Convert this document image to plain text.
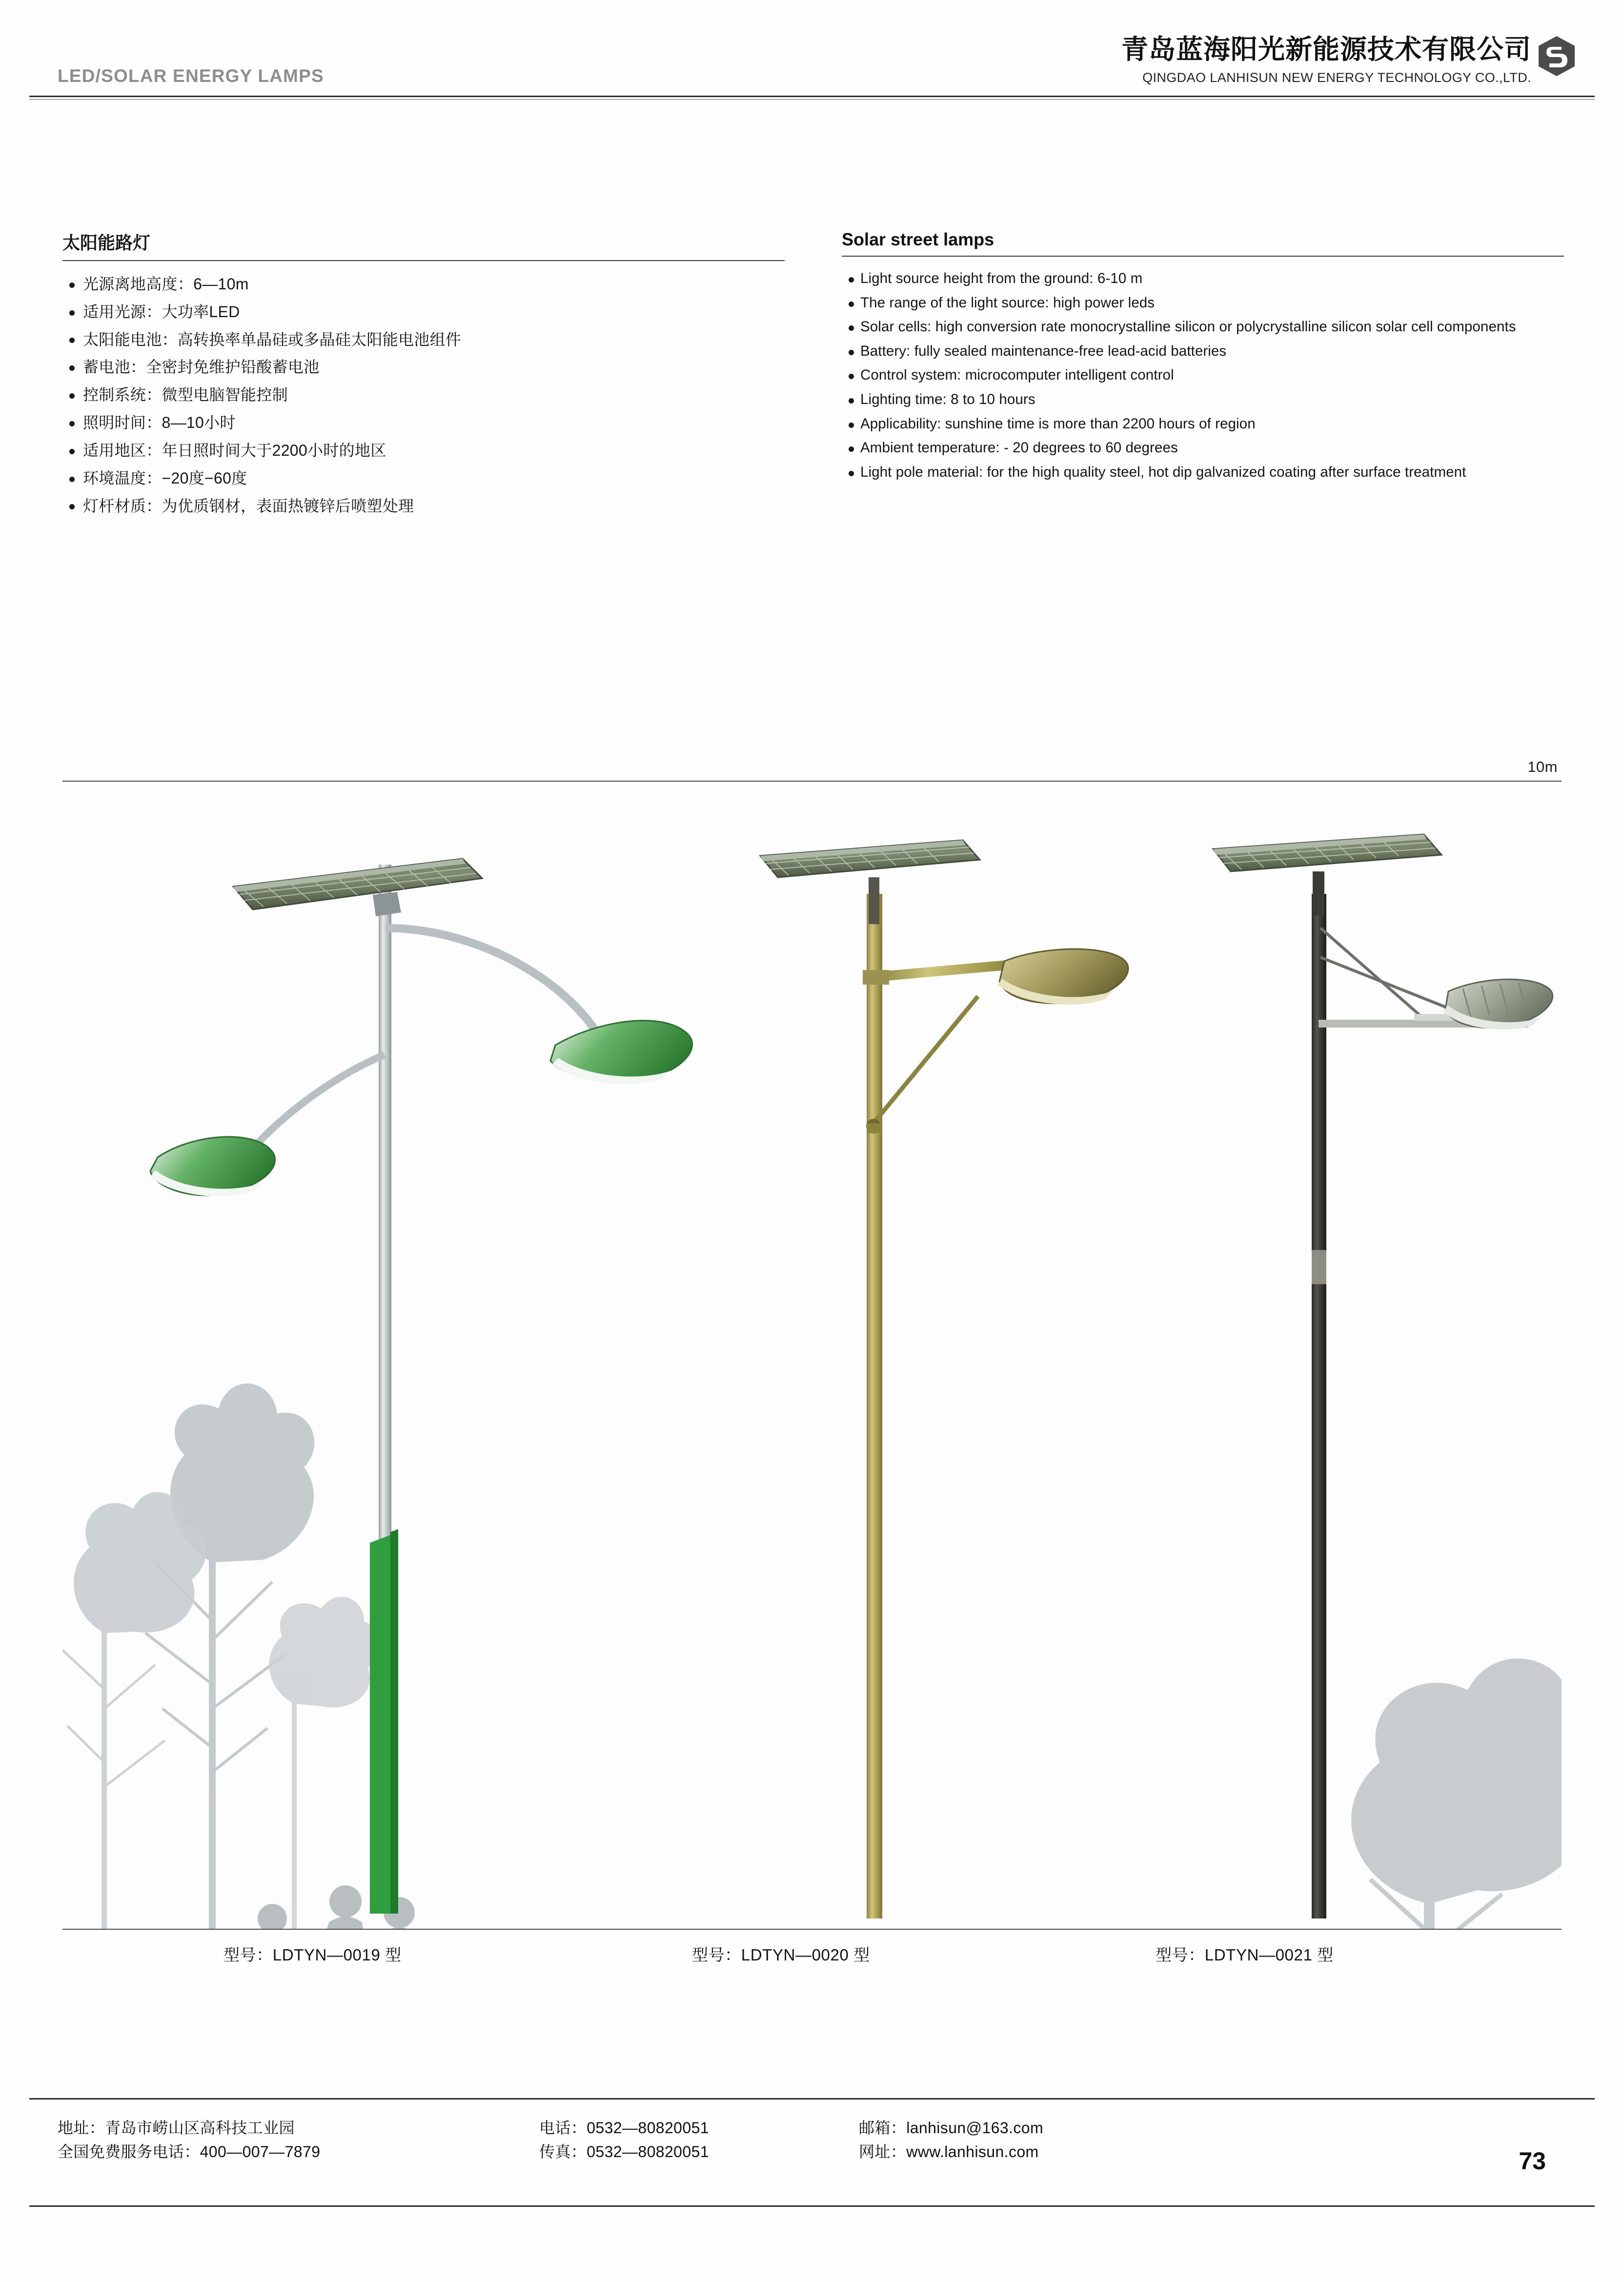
LED/SOLAR ENERGY LAMPS
青岛蓝海阳光新能源技术有限公司
QINGDAO LANHISUN NEW ENERGY TECHNOLOGY CO.,LTD.
太阳能路灯
光源离地高度：6—10m
适用光源：大功率LED
太阳能电池：高转换率单晶硅或多晶硅太阳能电池组件
蓄电池：全密封免维护铅酸蓄电池
控制系统：微型电脑智能控制
照明时间：8—10小时
适用地区：年日照时间大于2200小时的地区
环境温度：−20度−60度
灯杆材质：为优质钢材，表面热镀锌后喷塑处理
Solar street lamps
Light source height from the ground: 6-10 m
The range of the light source: high power leds
Solar cells: high conversion rate monocrystalline silicon or polycrystalline silicon solar cell components
Battery: fully sealed maintenance-free lead-acid batteries
Control system: microcomputer intelligent control
Lighting time: 8 to 10 hours
Applicability: sunshine time is more than 2200 hours of region
Ambient temperature: - 20 degrees to 60 degrees
Light pole material: for the high quality steel, hot dip galvanized coating after surface treatment
10m
型号：LDTYN—0019 型	型号：LDTYN—0020 型	型号：LDTYN—0021 型
地址：青岛市崂山区高科技工业园
全国免费服务电话：400—007—7879
电话：0532—80820051
传真：0532—80820051
邮箱：lanhisun@163.com
网址：www.lanhisun.com	73
